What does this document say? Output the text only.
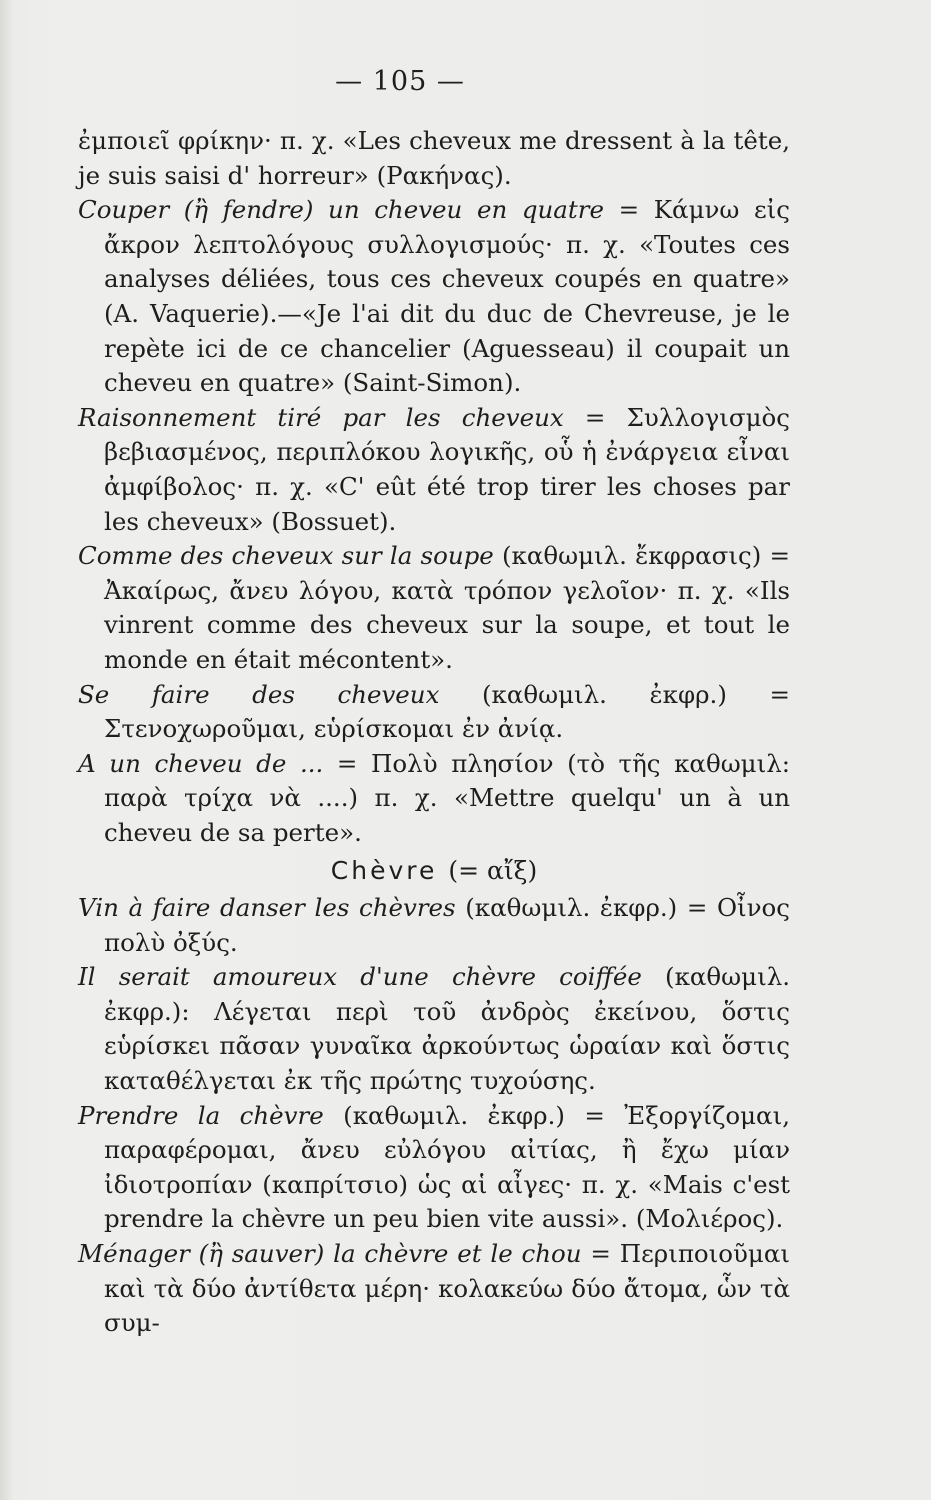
— 105 —

ἐμποιεῖ φρίκην· π. χ. «Les cheveux me dressent à la tête, je suis saisi d' horreur» (Ρακήνας).

Couper (ἢ fendre) un cheveu en quatre = Κάμνω εἰς ἄκρον λεπτολόγους συλλογισμούς· π. χ. «Toutes ces analyses déliées, tous ces cheveux coupés en quatre» (A. Vaquerie).—«Je l'ai dit du duc de Chevreuse, je le repète ici de ce chancelier (Aguesseau) il coupait un cheveu en quatre» (Saint-Simon).

Raisonnement tiré par les cheveux = Συλλογισμὸς βεβιασμένος, περιπλόκου λογικῆς, οὗ ἡ ἐνάργεια εἶναι ἀμφίβολος· π. χ. «C' eût été trop tirer les choses par les cheveux» (Bossuet).

Comme des cheveux sur la soupe (καθωμιλ. ἔκφρασις) = Ἀκαίρως, ἄνευ λόγου, κατὰ τρόπον γελοῖον· π. χ. «Ils vinrent comme des cheveux sur la soupe, et tout le monde en était mécontent».

Se faire des cheveux (καθωμιλ. ἐκφρ.) = Στενοχωροῦμαι, εὑρίσκομαι ἐν ἀνίᾳ.

A un cheveu de ... = Πολὺ πλησίον (τὸ τῆς καθωμιλ: παρὰ τρίχα νὰ ....) π. χ. «Mettre quelqu' un à un cheveu de sa perte».

Chèvre (= αἴξ)

Vin à faire danser les chèvres (καθωμιλ. ἐκφρ.) = Οἶνος πολὺ ὀξύς.

Il serait amoureux d'une chèvre coiffée (καθωμιλ. ἐκφρ.): Λέγεται περὶ τοῦ ἀνδρὸς ἐκείνου, ὅστις εὑρίσκει πᾶσαν γυναῖκα ἀρκούντως ὡραίαν καὶ ὅστις καταθέλγεται ἐκ τῆς πρώτης τυχούσης.

Prendre la chèvre (καθωμιλ. ἐκφρ.) = Ἐξοργίζομαι, παραφέρομαι, ἄνευ εὐλόγου αἰτίας, ἢ ἔχω μίαν ἰδιοτροπίαν (καπρίτσιο) ὡς αἱ αἶγες· π. χ. «Mais c'est prendre la chèvre un peu bien vite aussi». (Μολιέρος).

Ménager (ἢ sauver) la chèvre et le chou = Περιποιοῦμαι καὶ τὰ δύο ἀντίθετα μέρη· κολακεύω δύο ἄτομα, ὧν τὰ συμ-
